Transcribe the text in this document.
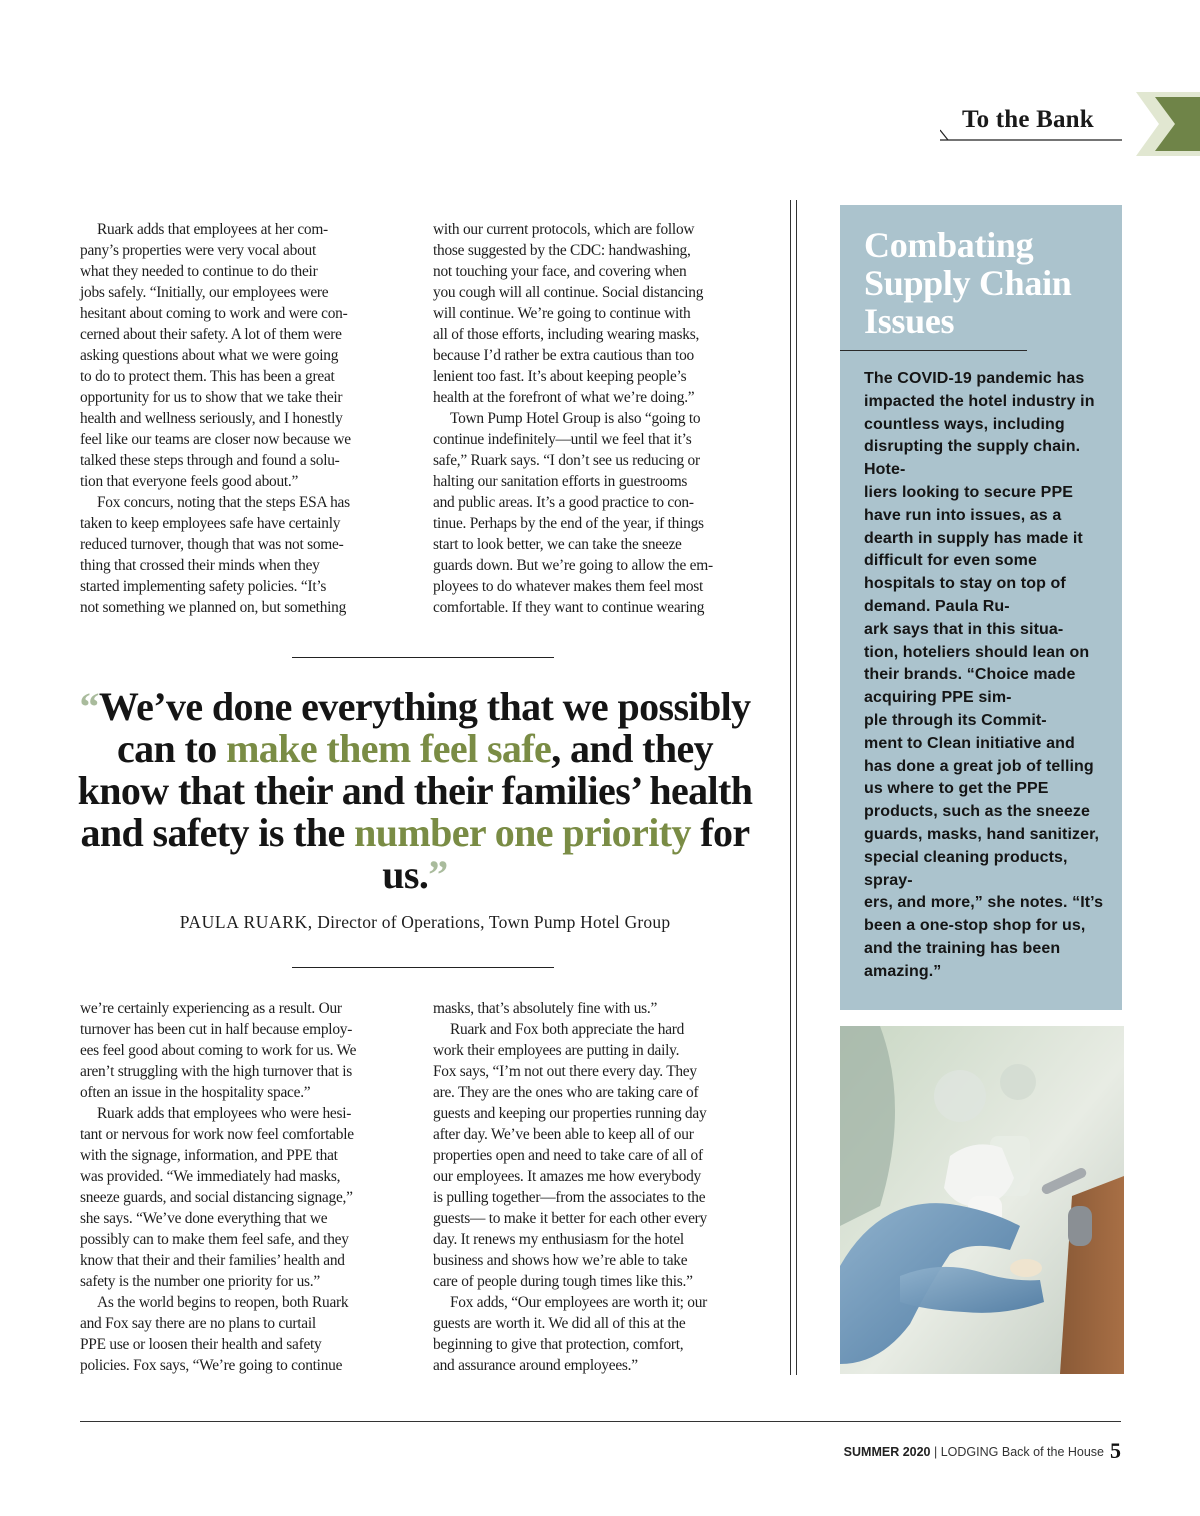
To the Bank

Ruark adds that employees at her com-
pany’s properties were very vocal about
what they needed to continue to do their
jobs safely. “Initially, our employees were
hesitant about coming to work and were con-
cerned about their safety. A lot of them were
asking questions about what we were going
to do to protect them. This has been a great
opportunity for us to show that we take their
health and wellness seriously, and I honestly
feel like our teams are closer now because we
talked these steps through and found a solu-
tion that everyone feels good about.”

Fox concurs, noting that the steps ESA has
taken to keep employees safe have certainly
reduced turnover, though that was not some-
thing that crossed their minds when they
started implementing safety policies. “It’s
not something we planned on, but something

with our current protocols, which are follow
those suggested by the CDC: handwashing,
not touching your face, and covering when
you cough will all continue. Social distancing
will continue. We’re going to continue with
all of those efforts, including wearing masks,
because I’d rather be extra cautious than too
lenient too fast. It’s about keeping people’s
health at the forefront of what we’re doing.”

Town Pump Hotel Group is also “going to
continue indefinitely—until we feel that it’s
safe,” Ruark says. “I don’t see us reducing or
halting our sanitation efforts in guestrooms
and public areas. It’s a good practice to con-
tinue. Perhaps by the end of the year, if things
start to look better, we can take the sneeze
guards down. But we’re going to allow the em-
ployees to do whatever makes them feel most
comfortable. If they want to continue wearing

“We’ve done everything that we possibly can to make them feel safe, and they know that their and their families’ health and safety is the number one priority for us.”

PAULA RUARK, Director of Operations, Town Pump Hotel Group

we’re certainly experiencing as a result. Our
turnover has been cut in half because employ-
ees feel good about coming to work for us. We
aren’t struggling with the high turnover that is
often an issue in the hospitality space.”

Ruark adds that employees who were hesi-
tant or nervous for work now feel comfortable
with the signage, information, and PPE that
was provided. “We immediately had masks,
sneeze guards, and social distancing signage,”
she says. “We’ve done everything that we
possibly can to make them feel safe, and they
know that their and their families’ health and
safety is the number one priority for us.”

As the world begins to reopen, both Ruark
and Fox say there are no plans to curtail
PPE use or loosen their health and safety
policies. Fox says, “We’re going to continue

masks, that’s absolutely fine with us.”

Ruark and Fox both appreciate the hard
work their employees are putting in daily.
Fox says, “I’m not out there every day. They
are. They are the ones who are taking care of
guests and keeping our properties running day
after day. We’ve been able to keep all of our
properties open and need to take care of all of
our employees. It amazes me how everybody
is pulling together—from the associates to the
guests— to make it better for each other every
day. It renews my enthusiasm for the hotel
business and shows how we’re able to take
care of people during tough times like this.”

Fox adds, “Our employees are worth it; our
guests are worth it. We did all of this at the
beginning to give that protection, comfort,
and assurance around employees.”

Combating Supply Chain Issues

The COVID-19 pandemic has impacted the hotel industry in countless ways, including disrupting the supply chain. Hote-
liers looking to secure PPE have run into issues, as a dearth in supply has made it difficult for even some hospitals to stay on top of demand. Paula Ru-
ark says that in this situa-
tion, hoteliers should lean on their brands. “Choice made acquiring PPE sim-
ple through its Commit-
ment to Clean initiative and has done a great job of telling us where to get the PPE products, such as the sneeze guards, masks, hand sanitizer, special cleaning products, spray-
ers, and more,” she notes. “It’s been a one-stop shop for us, and the training has been amazing.”

SUMMER 2020 | LODGING Back of the House 5
